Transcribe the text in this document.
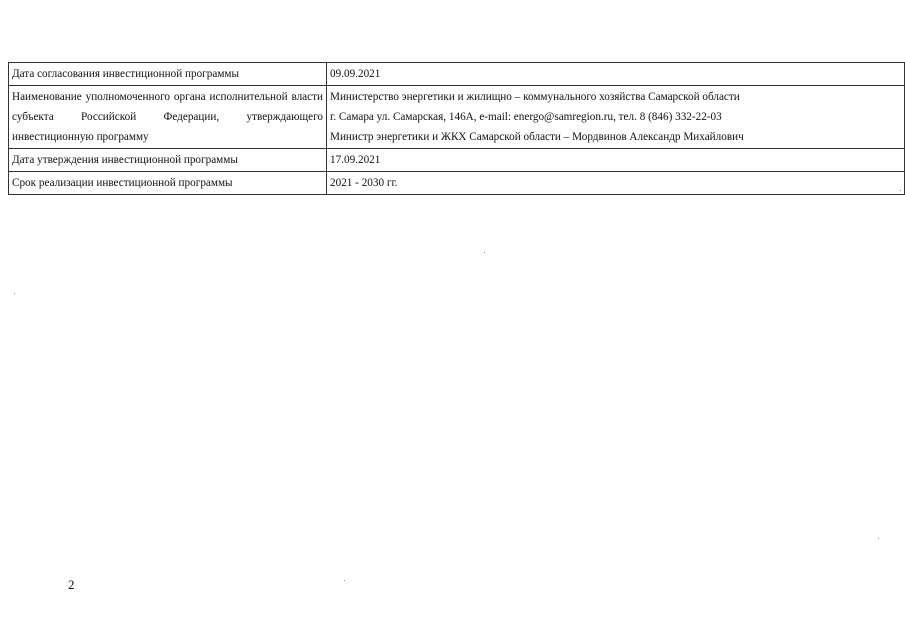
Дата согласования инвестиционной программы	09.09.2021

Наименование уполномоченного органа исполнительной власти субъекта Российской Федерации, утверждающего инвестиционную программу	Министерство энергетики и жилищно – коммунального хозяйства Самарской области
г. Самара ул. Самарская, 146А, e-mail: energo@samregion.ru, тел. 8 (846) 332-22-03
Министр энергетики и ЖКХ Самарской области – Мордвинов Александр Михайлович

Дата утверждения инвестиционной программы	17.09.2021

Срок реализации инвестиционной программы	2021 - 2030 гг.
2
